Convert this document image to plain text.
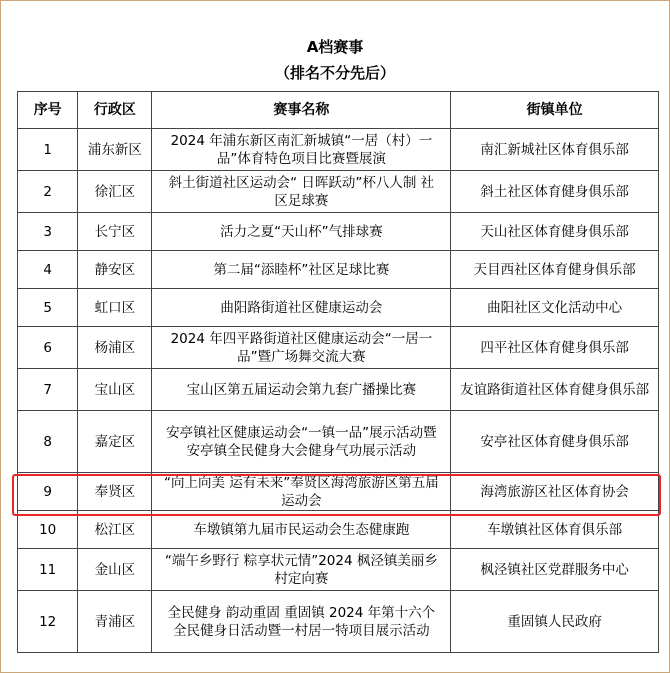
A档赛事
（排名不分先后）
序号	行政区	赛事名称	街镇单位
1	浦东新区	2024 年浦东新区南汇新城镇“一居（村）一品”体育特色项目比赛暨展演	南汇新城社区体育俱乐部
2	徐汇区	斜土街道社区运动会“ 日晖跃动”杯八人制 社区足球赛	斜土社区体育健身俱乐部
3	长宁区	活力之夏“天山杯”气排球赛	天山社区体育健身俱乐部
4	静安区	第二届“添睦杯”社区足球比赛	天目西社区体育健身俱乐部
5	虹口区	曲阳路街道社区健康运动会	曲阳社区文化活动中心
6	杨浦区	2024 年四平路街道社区健康运动会“一居一品”暨广场舞交流大赛	四平社区体育健身俱乐部
7	宝山区	宝山区第五届运动会第九套广播操比赛	友谊路街道社区体育健身俱乐部
8	嘉定区	安亭镇社区健康运动会“一镇一品”展示活动暨安亭镇全民健身大会健身气功展示活动	安亭社区体育健身俱乐部
9	奉贤区	“向上向美 运有未来”奉贤区海湾旅游区第五届运动会	海湾旅游区社区体育协会
10	松江区	车墩镇第九届市民运动会生态健康跑	车墩镇社区体育俱乐部
11	金山区	“端午乡野行 粽享状元情”2024 枫泾镇美丽乡村定向赛	枫泾镇社区党群服务中心
12	青浦区	全民健身 韵动重固 重固镇 2024 年第十六个全民健身日活动暨一村居一特项目展示活动	重固镇人民政府
